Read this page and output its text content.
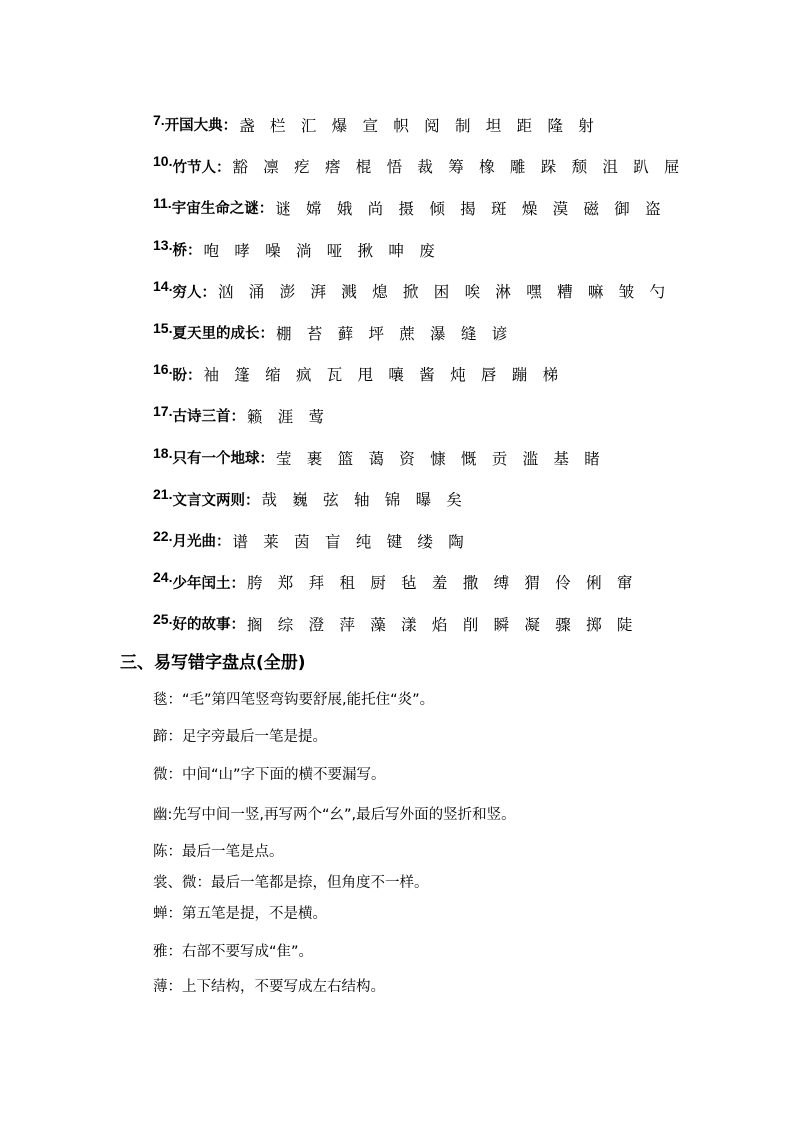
7. 开国大典： 盏 栏 汇 爆 宣 帜 阅 制 坦 距 隆 射
10. 竹节人： 豁 凛 疙 瘩 棍 悟 裁 筹 橡 雕 跺 颓 沮 趴 屉
11. 宇宙生命之谜： 谜 嫦 娥 尚 摄 倾 揭 斑 燥 漠 磁 御 盗
13. 桥： 咆 哮 噪 淌 哑 揪 呻 废
14. 穷人： 汹 涌 澎 湃 溅 熄 掀 困 唉 淋 嘿 糟 嘛 皱 勺
15. 夏天里的成长： 棚 苔 藓 坪 蔗 瀑 缝 谚
16. 盼： 袖 篷 缩 疯 瓦 甩 嚷 酱 炖 唇 蹦 梯
17. 古诗三首： 籁 涯 莺
18. 只有一个地球： 莹 裹 篮 蔼 资 慷 慨 贡 滥 基 睹
21. 文言文两则： 哉 巍 弦 轴 锦 曝 矣
22. 月光曲： 谱 莱 茵 盲 纯 键 缕 陶
24. 少年闰土： 胯 郑 拜 租 厨 毡 羞 撒 缚 猬 伶 俐 窜
25. 好的故事： 搁 综 澄 萍 藻 漾 焰 削 瞬 凝 骤 掷 陡
三、易写错字盘点(全册)
毯：“毛”第四笔竖弯钩要舒展,能托住“炎”。
蹄：足字旁最后一笔是提。
微：中间“山”字下面的横不要漏写。
幽:先写中间一竖,再写两个“幺”,最后写外面的竖折和竖。
陈：最后一笔是点。
裳、微：最后一笔都是捺，但角度不一样。
蝉：第五笔是提，不是横。
雅：右部不要写成“隹”。
薄：上下结构，不要写成左右结构。
